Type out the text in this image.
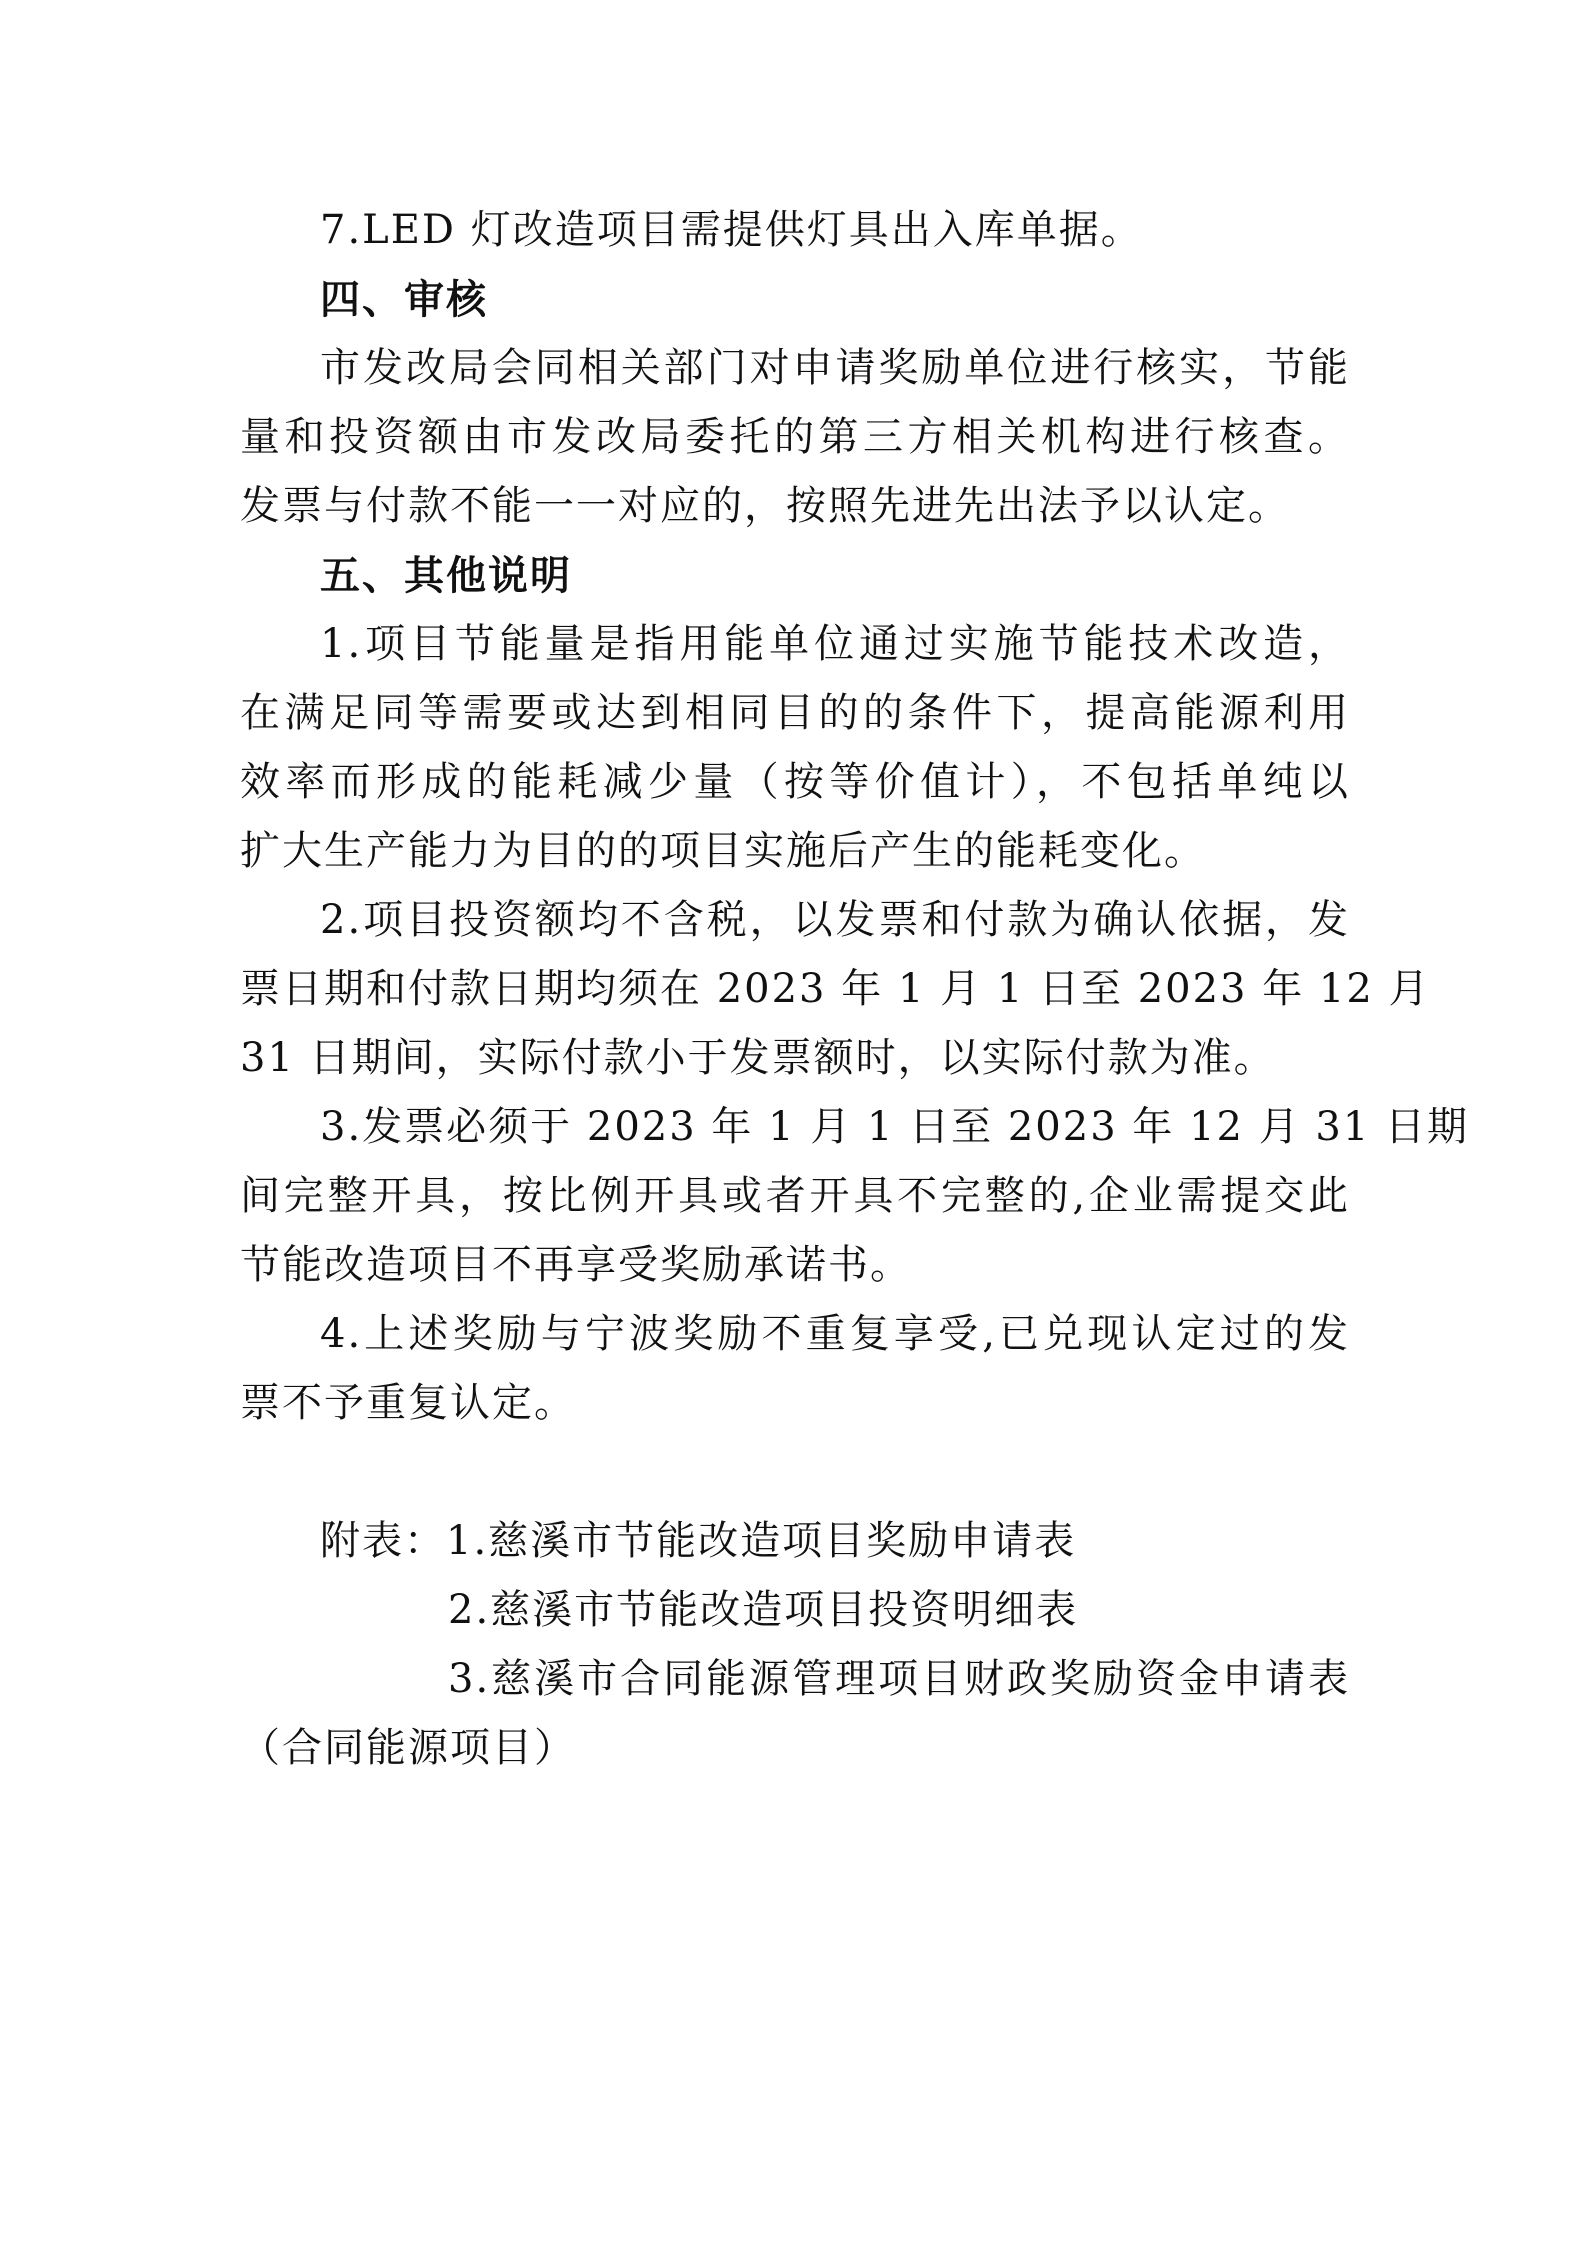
7.LED 灯改造项目需提供灯具出入库单据。
四、审核
市发改局会同相关部门对申请奖励单位进行核实，节能
量和投资额由市发改局委托的第三方相关机构进行核查。
发票与付款不能一一对应的，按照先进先出法予以认定。
五、其他说明
1.项目节能量是指用能单位通过实施节能技术改造，
在满足同等需要或达到相同目的的条件下，提高能源利用
效率而形成的能耗减少量（按等价值计），不包括单纯以
扩大生产能力为目的的项目实施后产生的能耗变化。
2.项目投资额均不含税，以发票和付款为确认依据，发
票日期和付款日期均须在 2023 年 1 月 1 日至 2023 年 12 月
31 日期间，实际付款小于发票额时，以实际付款为准。
3.发票必须于 2023 年 1 月 1 日至 2023 年 12 月 31 日期
间完整开具，按比例开具或者开具不完整的,企业需提交此
节能改造项目不再享受奖励承诺书。
4.上述奖励与宁波奖励不重复享受,已兑现认定过的发
票不予重复认定。
附表：1.慈溪市节能改造项目奖励申请表
2.慈溪市节能改造项目投资明细表
3.慈溪市合同能源管理项目财政奖励资金申请表
（合同能源项目）
